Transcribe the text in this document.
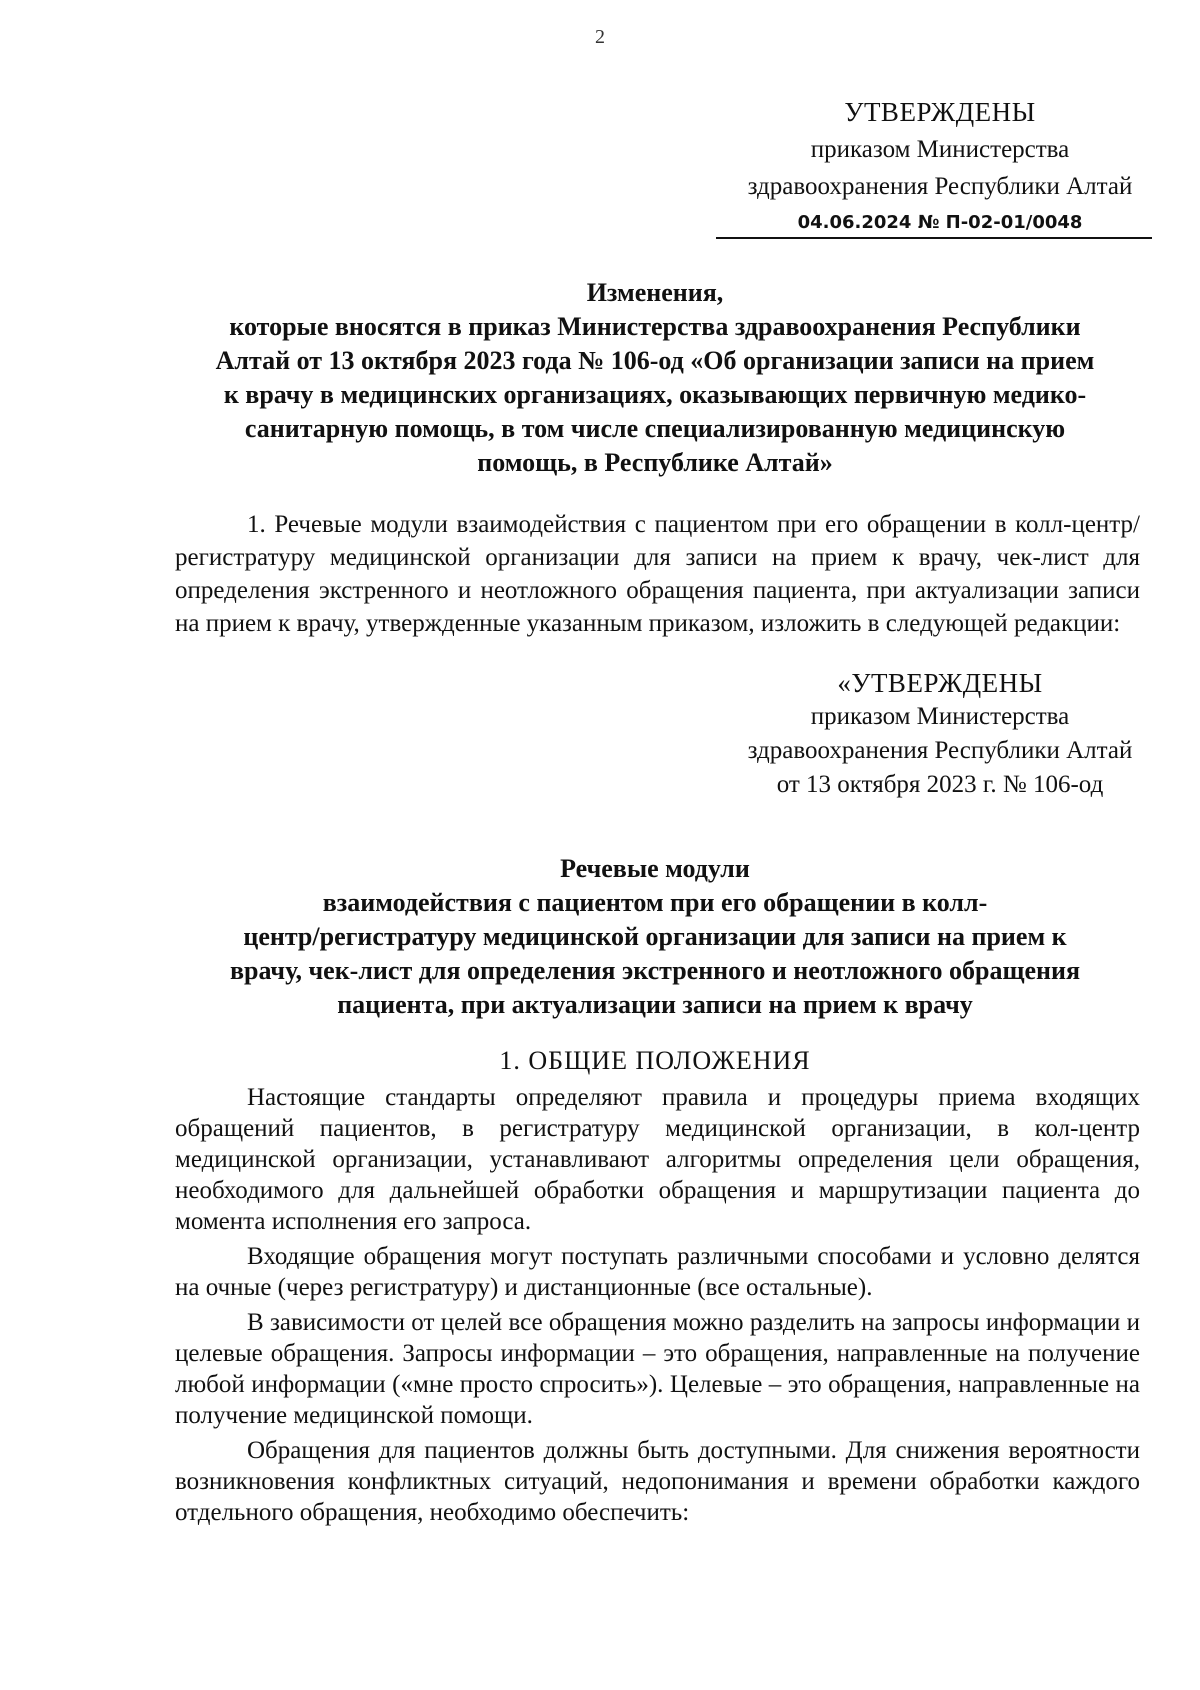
2
УТВЕРЖДЕНЫ
приказом Министерства
здравоохранения Республики Алтай
04.06.2024 № П-02-01/0048
Изменения,
которые вносятся в приказ Министерства здравоохранения Республики
Алтай от 13 октября 2023 года № 106-од «Об организации записи на прием
к врачу в медицинских организациях, оказывающих первичную медико-
санитарную помощь, в том числе специализированную медицинскую
помощь, в Республике Алтай»

1. Речевые модули взаимодействия с пациентом при его обращении в колл-центр/регистратуру медицинской организации для записи на прием к врачу, чек-лист для определения экстренного и неотложного обращения пациента, при актуализации записи на прием к врачу, утвержденные указанным приказом, изложить в следующей редакции:

«УТВЕРЖДЕНЫ
приказом Министерства
здравоохранения Республики Алтай
от 13 октября 2023 г. № 106-од
Речевые модули
взаимодействия с пациентом при его обращении в колл-
центр/регистратуру медицинской организации для записи на прием к
врачу, чек-лист для определения экстренного и неотложного обращения
пациента, при актуализации записи на прием к врачу
1. ОБЩИЕ ПОЛОЖЕНИЯ

Настоящие стандарты определяют правила и процедуры приема входящих обращений пациентов, в регистратуру медицинской организации, в кол-центр медицинской организации, устанавливают алгоритмы определения цели обращения, необходимого для дальнейшей обработки обращения и маршрутизации пациента до момента исполнения его запроса.

Входящие обращения могут поступать различными способами и условно делятся на очные (через регистратуру) и дистанционные (все остальные).

В зависимости от целей все обращения можно разделить на запросы информации и целевые обращения. Запросы информации – это обращения, направленные на получение любой информации («мне просто спросить»). Целевые – это обращения, направленные на получение медицинской помощи.

Обращения для пациентов должны быть доступными. Для снижения вероятности возникновения конфликтных ситуаций, недопонимания и времени обработки каждого отдельного обращения, необходимо обеспечить:
